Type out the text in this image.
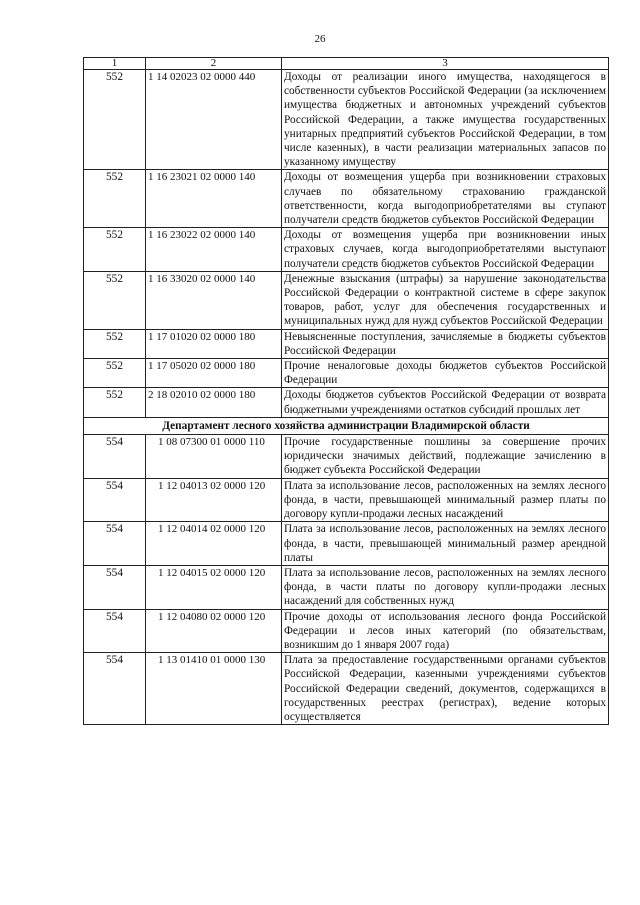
26
1	2	3
552	1 14 02023 02 0000 440	Доходы от реализации иного имущества, находящегося в собственности субъектов Российской Федерации (за исключением имущества бюджетных и автономных учреждений субъектов Российской Федерации, а также имущества государственных унитарных предприятий субъектов Российской Федерации, в том числе казенных), в части реализации материальных запасов по указанному имуществу
552	1 16 23021 02 0000 140	Доходы от возмещения ущерба при возникновении страховых случаев по обязательному страхованию гражданской ответственности, когда выгодоприобретателями вы ступают получатели средств бюджетов субъектов Российской Федерации
552	1 16 23022 02 0000 140	Доходы от возмещения ущерба при возникновении иных страховых случаев, когда выгодоприобретателями выступают получатели средств бюджетов субъектов Российской Федерации
552	1 16 33020 02 0000 140	Денежные взыскания (штрафы) за нарушение законодательства Российской Федерации о контрактной системе в сфере закупок товаров, работ, услуг для обеспечения государственных и муниципальных нужд для нужд субъектов Российской Федерации
552	1 17 01020 02 0000 180	Невыясненные поступления, зачисляемые в бюджеты субъектов Российской Федерации
552	1 17 05020 02 0000 180	Прочие неналоговые доходы бюджетов субъектов Российской Федерации
552	2 18 02010 02 0000 180	Доходы бюджетов субъектов Российской Федерации от возврата бюджетными учреждениями остатков субсидий прошлых лет
Департамент лесного хозяйства администрации Владимирской области		
554	1 08 07300 01 0000 110	Прочие государственные пошлины за совершение прочих юридически значимых действий, подлежащие зачислению в бюджет субъекта Российской Федерации
554	1 12 04013 02 0000 120	Плата за использование лесов, расположенных на землях лесного фонда, в части, превышающей минимальный размер платы по договору купли-продажи лесных насаждений
554	1 12 04014 02 0000 120	Плата за использование лесов, расположенных на землях лесного фонда, в части, превышающей минимальный размер арендной платы
554	1 12 04015 02 0000 120	Плата за использование лесов, расположенных на землях лесного фонда, в части платы по договору купли-продажи лесных насаждений для собственных нужд
554	1 12 04080 02 0000 120	Прочие доходы от использования лесного фонда Российской Федерации и лесов иных категорий (по обязательствам, возникшим до 1 января 2007 года)
554	1 13 01410 01 0000 130	Плата за предоставление государственными органами субъектов Российской Федерации, казенными учреждениями субъектов Российской Федерации сведений, документов, содержащихся в государственных реестрах (регистрах), ведение которых осуществляется
